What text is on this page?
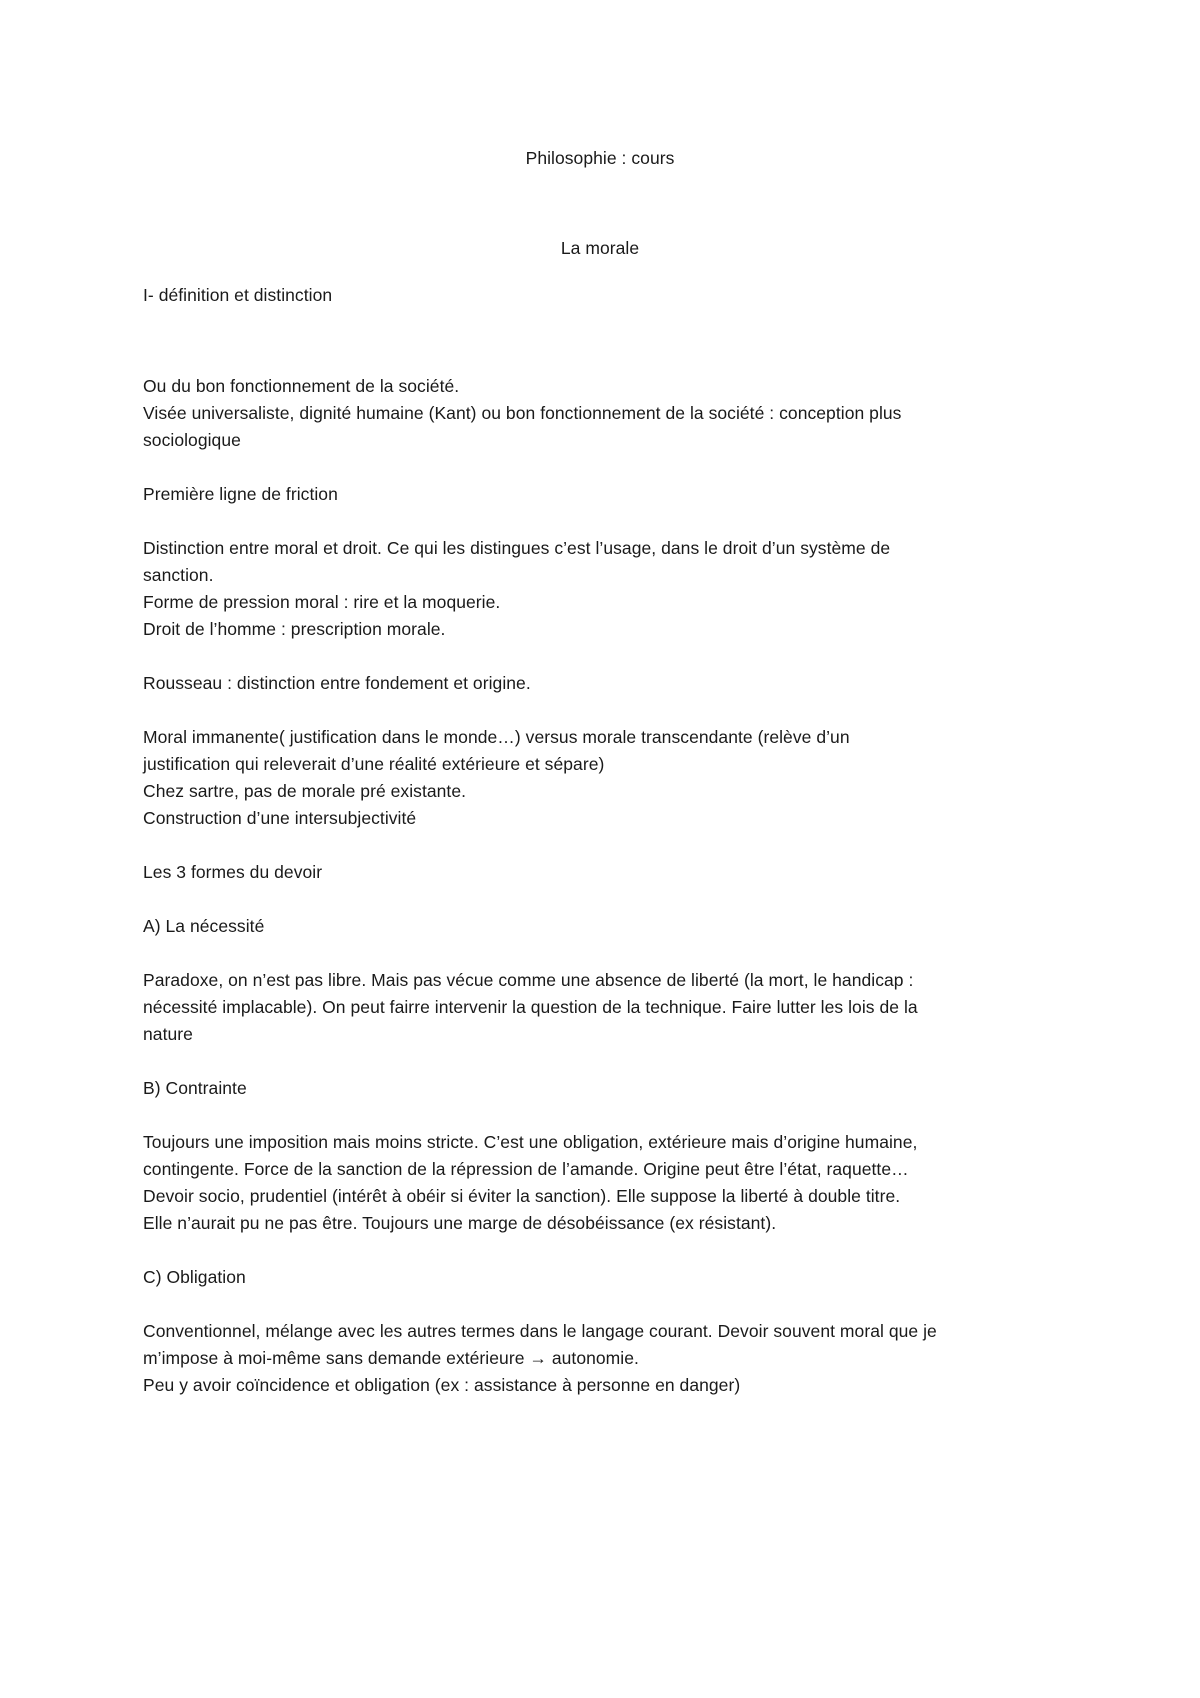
Philosophie : cours
La morale
I- définition et distinction
Ou du bon fonctionnement de la société.
Visée universaliste, dignité humaine (Kant) ou bon fonctionnement de la société : conception plus
sociologique
Première ligne de friction
Distinction entre moral et droit. Ce qui les distingues c’est l’usage, dans le droit d’un système de
sanction.
Forme de pression moral : rire et la moquerie.
Droit de l’homme : prescription morale.
Rousseau : distinction entre fondement et origine.
Moral immanente( justification dans le monde…) versus morale transcendante (relève d’un
justification qui releverait d’une réalité extérieure et sépare)
Chez sartre, pas de morale pré existante.
Construction d’une intersubjectivité
Les 3 formes du devoir
A) La nécessité
Paradoxe, on n’est pas libre. Mais pas vécue comme une absence de liberté (la mort, le handicap :
nécessité implacable). On peut fairre intervenir la question de la technique. Faire lutter les lois de la
nature
B) Contrainte
Toujours une imposition mais moins stricte. C’est une obligation, extérieure mais d’origine humaine,
contingente. Force de la sanction de la répression de l’amande. Origine peut être l’état, raquette…
Devoir socio, prudentiel (intérêt à obéir si éviter la sanction). Elle suppose la liberté à double titre.
Elle n’aurait pu ne pas être. Toujours une marge de désobéissance (ex résistant).
C) Obligation
Conventionnel, mélange avec les autres termes dans le langage courant. Devoir souvent moral que je
m’impose à moi-même sans demande extérieure → autonomie.
Peu y avoir coïncidence et obligation (ex : assistance à personne en danger)
